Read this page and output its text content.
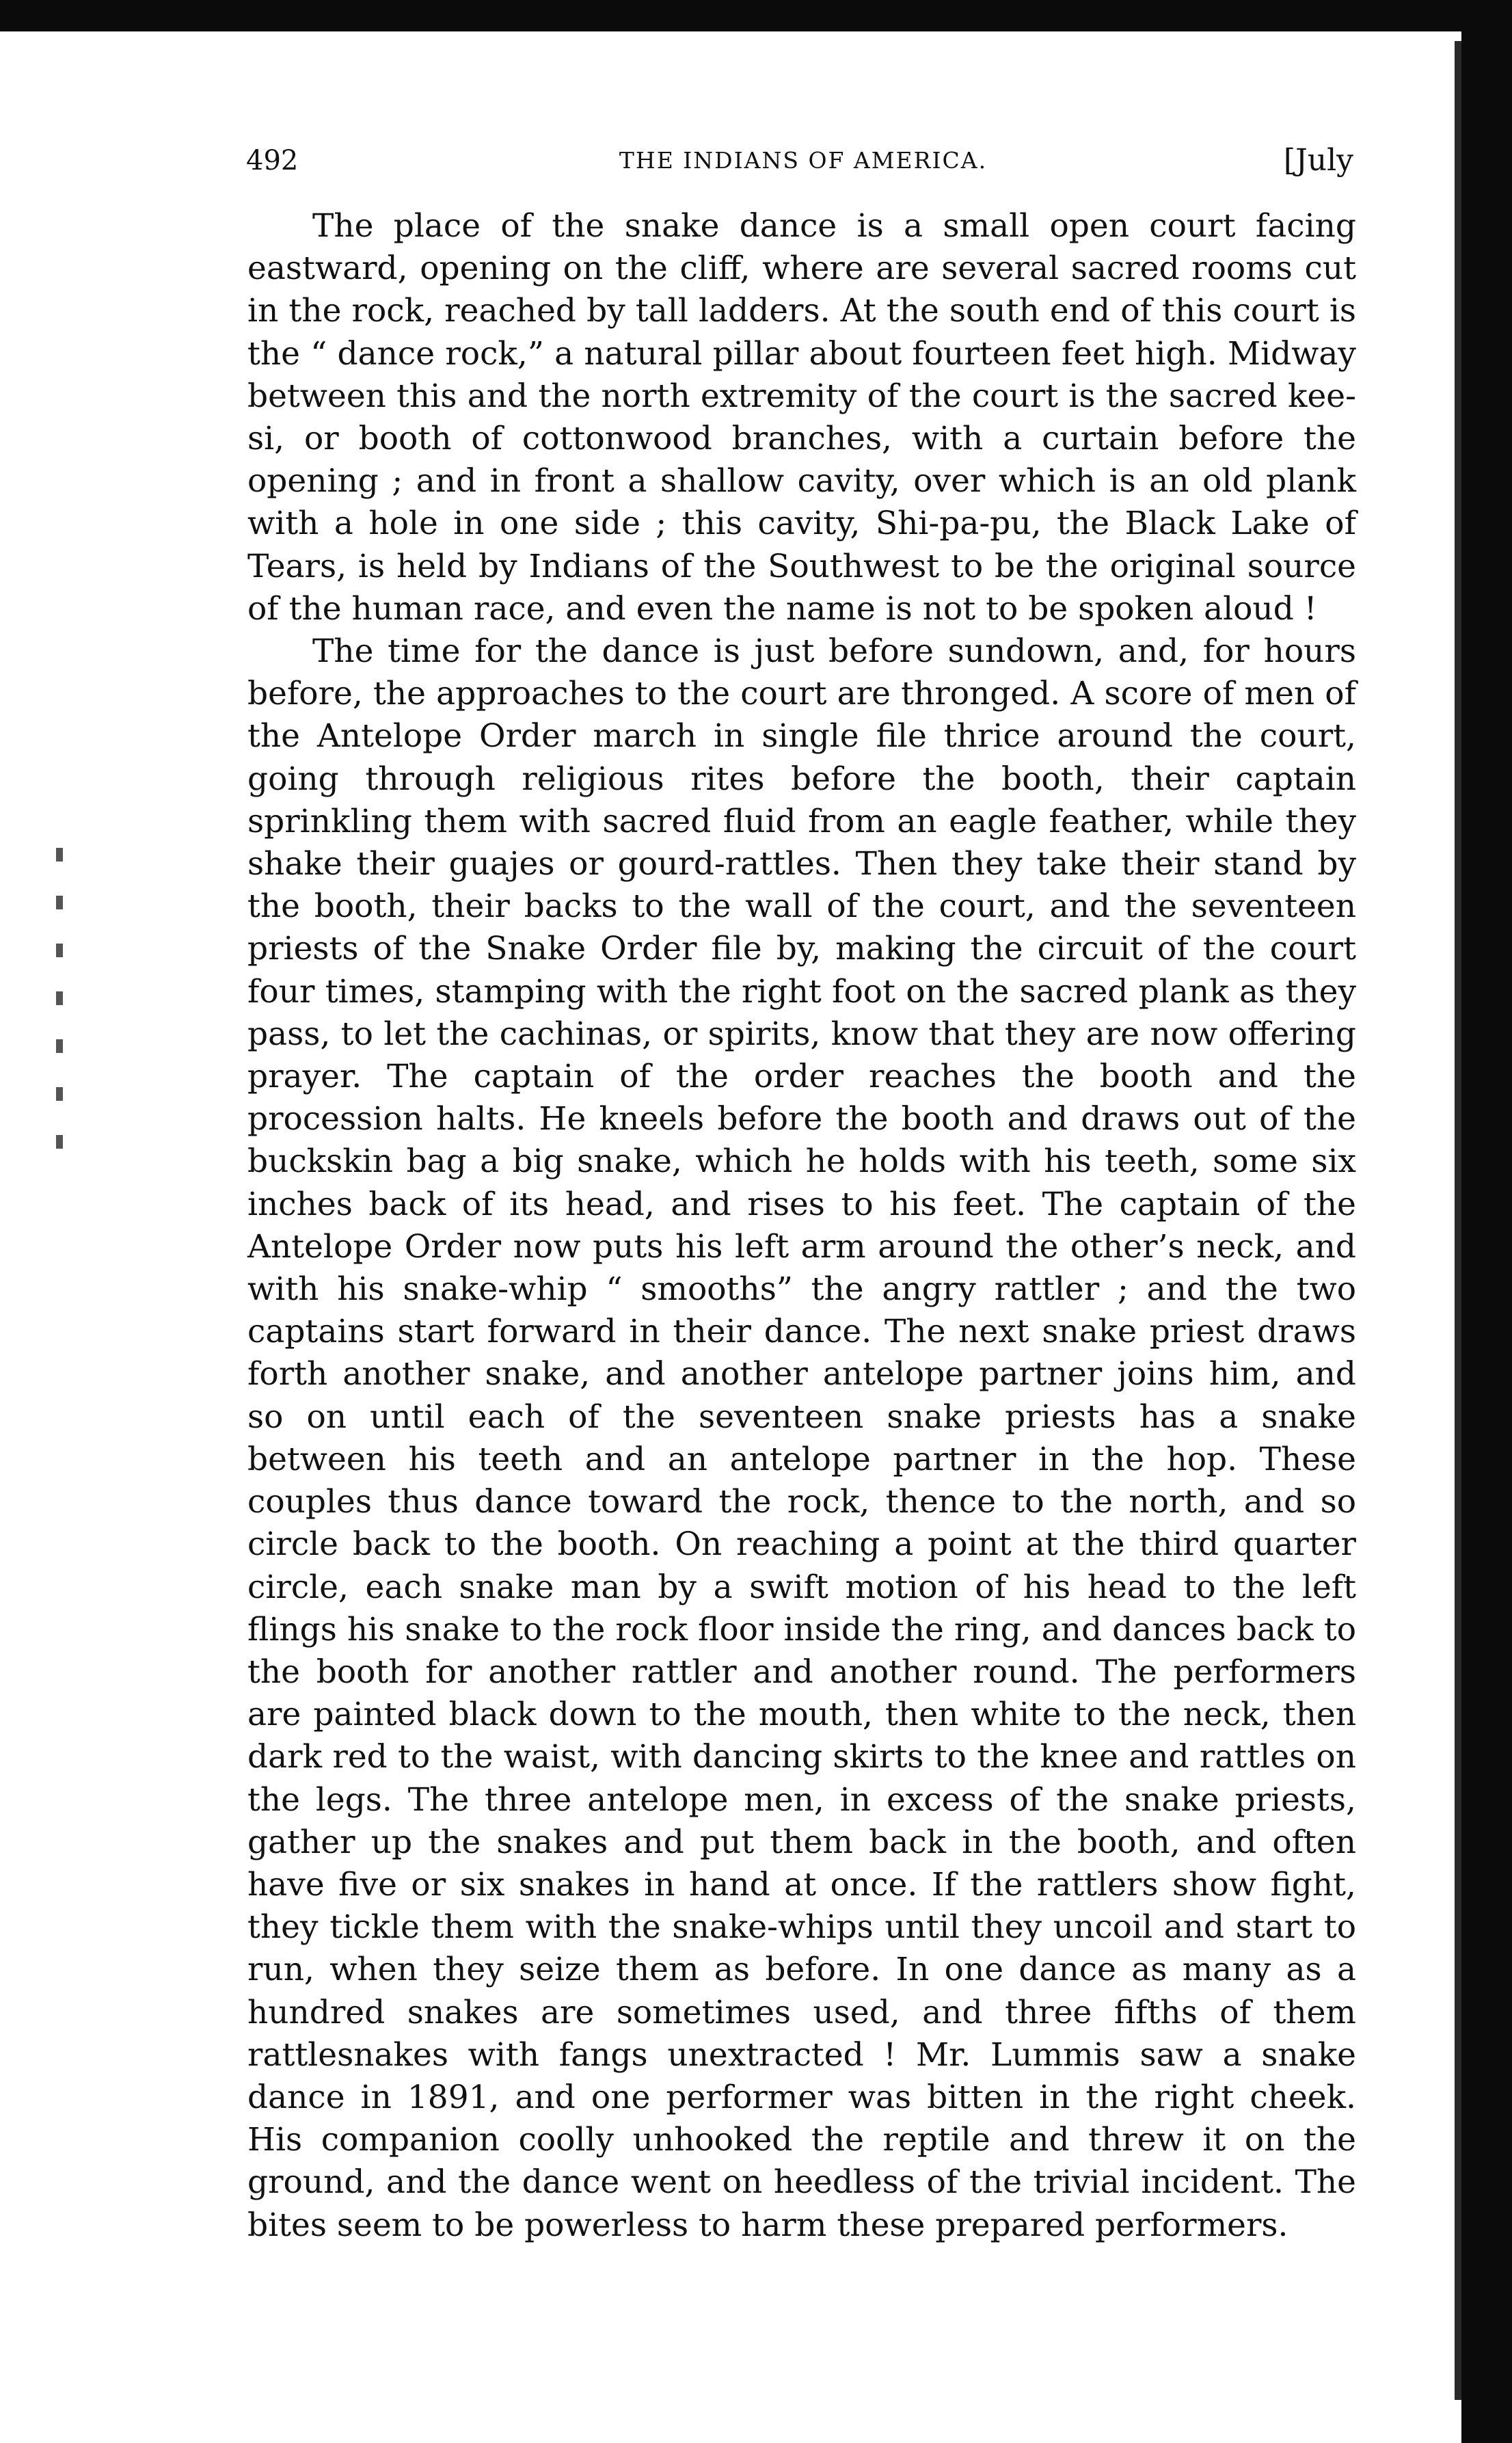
492	THE INDIANS OF AMERICA.	[July

The place of the snake dance is a small open court facing eastward, opening on the cliff, where are several sacred rooms cut in the rock, reached by tall ladders. At the south end of this court is the “ dance rock,” a natural pillar about fourteen feet high. Midway between this and the north extremity of the court is the sacred kee-si, or booth of cottonwood branches, with a curtain before the opening ; and in front a shallow cavity, over which is an old plank with a hole in one side ; this cavity, Shi-pa-pu, the Black Lake of Tears, is held by Indians of the Southwest to be the original source of the human race, and even the name is not to be spoken aloud !

The time for the dance is just before sundown, and, for hours before, the approaches to the court are thronged. A score of men of the Antelope Order march in single file thrice around the court, going through religious rites before the booth, their captain sprinkling them with sacred fluid from an eagle feather, while they shake their guajes or gourd-rattles. Then they take their stand by the booth, their backs to the wall of the court, and the seventeen priests of the Snake Order file by, making the circuit of the court four times, stamping with the right foot on the sacred plank as they pass, to let the cachinas, or spirits, know that they are now offering prayer. The captain of the order reaches the booth and the procession halts. He kneels before the booth and draws out of the buckskin bag a big snake, which he holds with his teeth, some six inches back of its head, and rises to his feet. The captain of the Antelope Order now puts his left arm around the other’s neck, and with his snake-whip “ smooths” the angry rattler ; and the two captains start forward in their dance. The next snake priest draws forth another snake, and another antelope partner joins him, and so on until each of the seventeen snake priests has a snake between his teeth and an antelope partner in the hop. These couples thus dance toward the rock, thence to the north, and so circle back to the booth. On reaching a point at the third quarter circle, each snake man by a swift motion of his head to the left flings his snake to the rock floor inside the ring, and dances back to the booth for another rattler and another round. The performers are painted black down to the mouth, then white to the neck, then dark red to the waist, with dancing skirts to the knee and rattles on the legs. The three antelope men, in excess of the snake priests, gather up the snakes and put them back in the booth, and often have five or six snakes in hand at once. If the rattlers show fight, they tickle them with the snake-whips until they uncoil and start to run, when they seize them as before. In one dance as many as a hundred snakes are sometimes used, and three fifths of them rattlesnakes with fangs unextracted ! Mr. Lummis saw a snake dance in 1891, and one performer was bitten in the right cheek. His companion coolly unhooked the reptile and threw it on the ground, and the dance went on heedless of the trivial incident. The bites seem to be powerless to harm these prepared performers.
